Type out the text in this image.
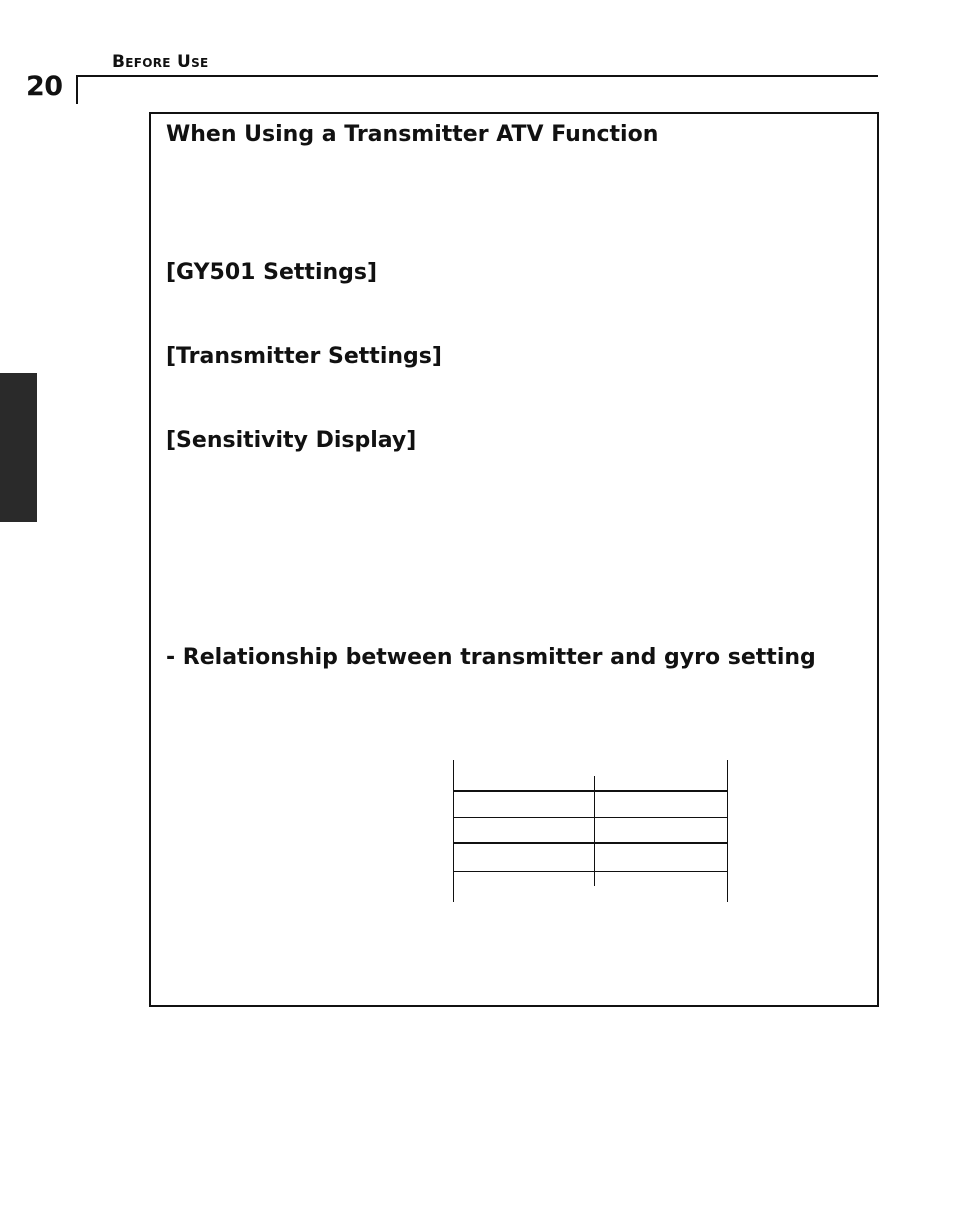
20
Before Use
When Using a Transmitter ATV Function
[GY501 Settings]
[Transmitter Settings]
[Sensitivity Display]
- Relationship between transmitter and gyro setting
